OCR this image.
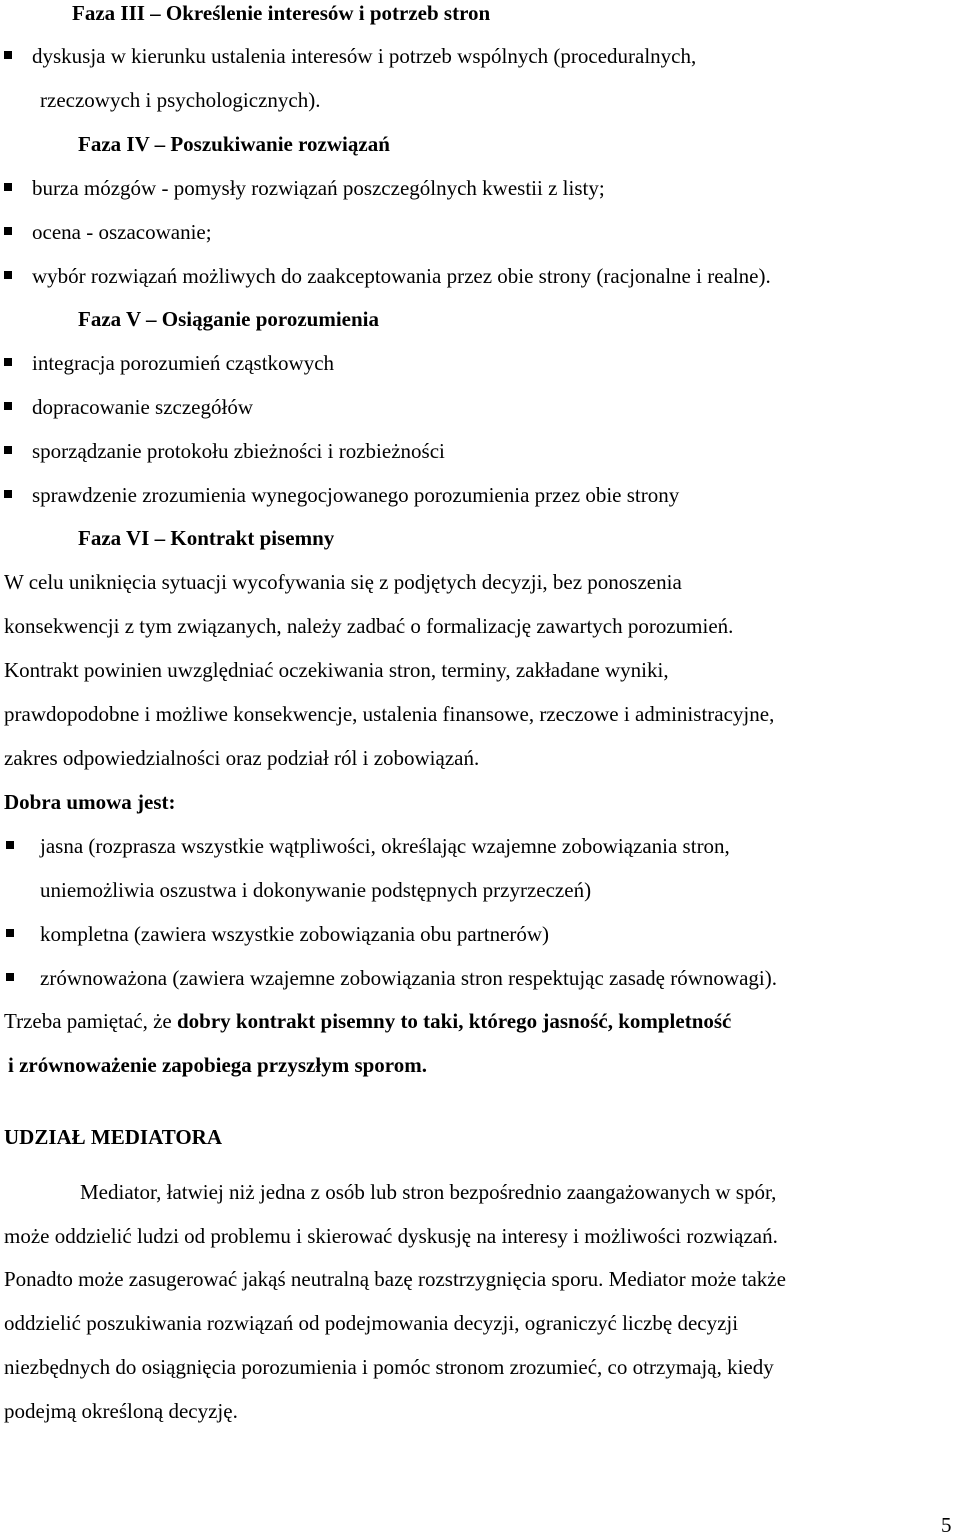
Faza III – Określenie interesów i potrzeb stron
dyskusja w kierunku ustalenia interesów i potrzeb wspólnych (proceduralnych,
rzeczowych i psychologicznych).
Faza IV – Poszukiwanie rozwiązań
burza mózgów - pomysły rozwiązań poszczególnych kwestii z listy;
ocena - oszacowanie;
wybór rozwiązań możliwych do zaakceptowania przez obie strony (racjonalne i realne).
Faza V – Osiąganie porozumienia
integracja porozumień cząstkowych
dopracowanie szczegółów
sporządzanie protokołu zbieżności i rozbieżności
sprawdzenie zrozumienia wynegocjowanego porozumienia przez obie strony
Faza VI – Kontrakt pisemny
W celu uniknięcia sytuacji wycofywania się z podjętych decyzji, bez ponoszenia
konsekwencji z tym związanych, należy zadbać o formalizację zawartych porozumień.
Kontrakt powinien uwzględniać oczekiwania stron, terminy, zakładane wyniki,
prawdopodobne i możliwe konsekwencje, ustalenia finansowe, rzeczowe i administracyjne,
zakres odpowiedzialności oraz podział ról i zobowiązań.
Dobra umowa jest:
jasna (rozprasza wszystkie wątpliwości, określając wzajemne zobowiązania stron,
uniemożliwia oszustwa i dokonywanie podstępnych przyrzeczeń)
kompletna (zawiera wszystkie zobowiązania obu partnerów)
zrównoważona (zawiera wzajemne zobowiązania stron respektując zasadę równowagi).
Trzeba pamiętać, że dobry kontrakt pisemny to taki, którego jasność, kompletność
i zrównoważenie zapobiega przyszłym sporom.
UDZIAŁ MEDIATORA
Mediator, łatwiej niż jedna z osób lub stron bezpośrednio zaangażowanych w spór,
może oddzielić ludzi od problemu i skierować dyskusję na interesy i możliwości rozwiązań.
Ponadto może zasugerować jakąś neutralną bazę rozstrzygnięcia sporu. Mediator może także
oddzielić poszukiwania rozwiązań od podejmowania decyzji, ograniczyć liczbę decyzji
niezbędnych do osiągnięcia porozumienia i pomóc stronom zrozumieć, co otrzymają, kiedy
podejmą określoną decyzję.
5
